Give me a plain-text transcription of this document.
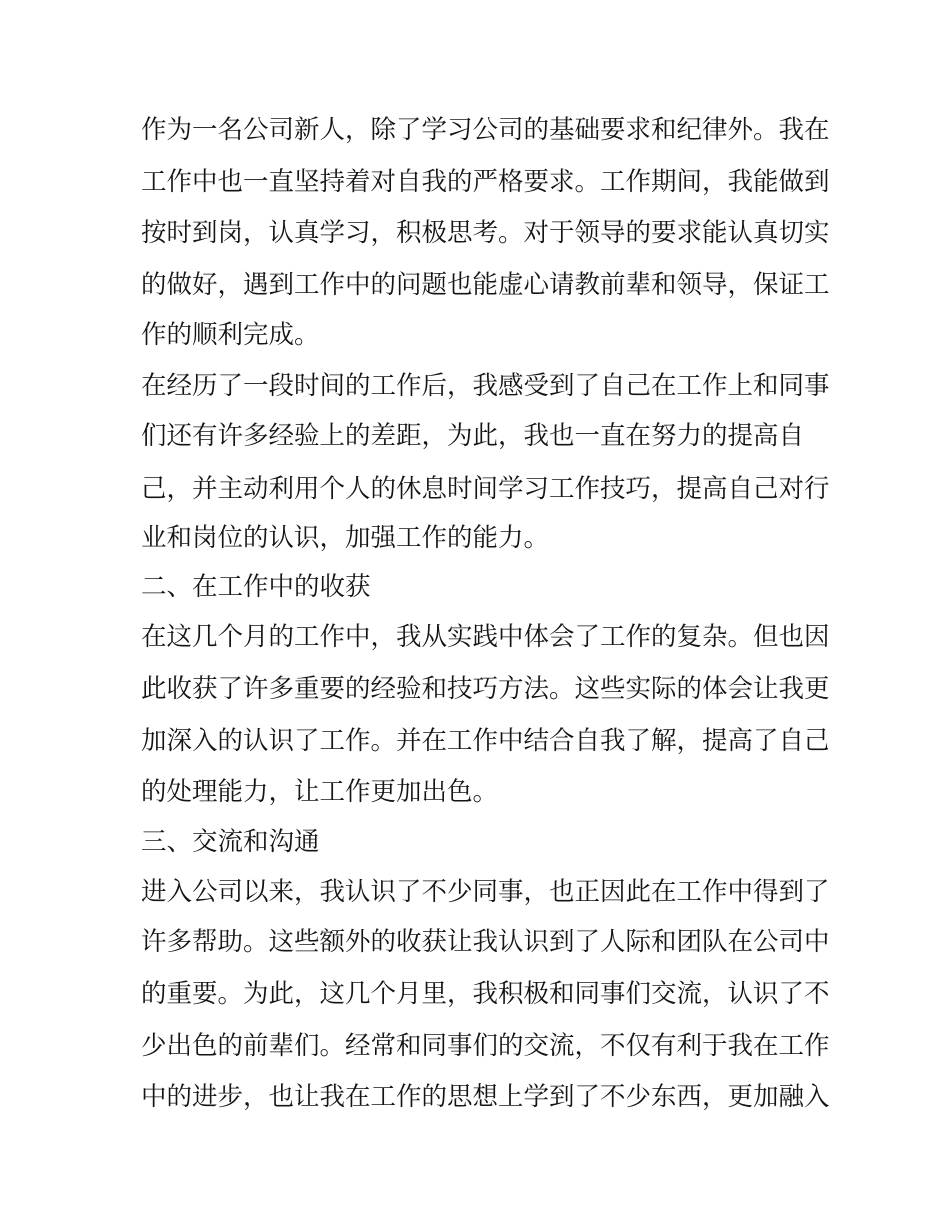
作为一名公司新人，除了学习公司的基础要求和纪律外。我在
工作中也一直坚持着对自我的严格要求。工作期间，我能做到
按时到岗，认真学习，积极思考。对于领导的要求能认真切实
的做好，遇到工作中的问题也能虚心请教前辈和领导，保证工
作的顺利完成。
在经历了一段时间的工作后，我感受到了自己在工作上和同事
们还有许多经验上的差距，为此，我也一直在努力的提高自
己，并主动利用个人的休息时间学习工作技巧，提高自己对行
业和岗位的认识，加强工作的能力。
二、在工作中的收获
在这几个月的工作中，我从实践中体会了工作的复杂。但也因
此收获了许多重要的经验和技巧方法。这些实际的体会让我更
加深入的认识了工作。并在工作中结合自我了解，提高了自己
的处理能力，让工作更加出色。
三、交流和沟通
进入公司以来，我认识了不少同事，也正因此在工作中得到了
许多帮助。这些额外的收获让我认识到了人际和团队在公司中
的重要。为此，这几个月里，我积极和同事们交流，认识了不
少出色的前辈们。经常和同事们的交流，不仅有利于我在工作
中的进步，也让我在工作的思想上学到了不少东西，更加融入
